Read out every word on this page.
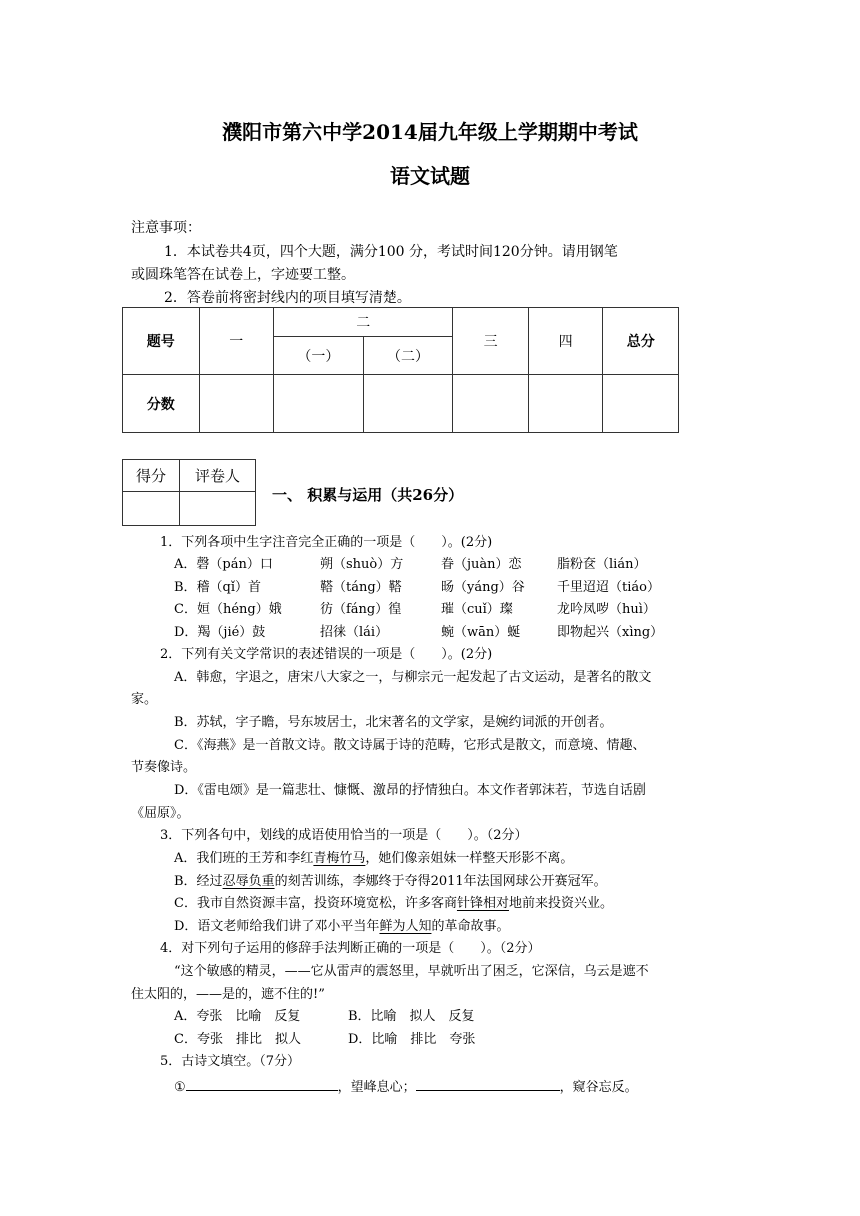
濮阳市第六中学2014届九年级上学期期中考试
语文试题
注意事项：
1．本试卷共4页，四个大题，满分100 分，考试时间120分钟。请用钢笔
或圆珠笔答在试卷上，字迹要工整。
2．答卷前将密封线内的项目填写清楚。
题号	一	二		三	四	总分
		（一）	（二）			
分数						
得分	评卷人

一、 积累与运用（共26分）
1．下列各项中生字注音完全正确的一项是（　　）。(2分)
A．磬（pán）口	朔（shuò）方	眷（juàn）恋	脂粉奁（lián）
B．稽（qǐ）首	鞳（táng）鞳	旸（yáng）谷 千里迢迢（tiáo）
C．姮（héng）娥	彷（fáng）徨	璀（cuǐ）璨	龙吟凤哕（huì）
D．羯（jié）鼓	招徕（lái）	蜿（wān）蜒	即物起兴（xìng）
2．下列有关文学常识的表述错误的一项是（　　）。(2分)
A．韩愈，字退之，唐宋八大家之一，与柳宗元一起发起了古文运动，是著名的散文
家。
B．苏轼，字子瞻，号东坡居士，北宋著名的文学家，是婉约词派的开创者。
C．《海燕》是一首散文诗。散文诗属于诗的范畴，它形式是散文，而意境、情趣、
节奏像诗。
D．《雷电颂》是一篇悲壮、慷慨、激昂的抒情独白。本文作者郭沫若，节选自话剧
《屈原》。
3．下列各句中，划线的成语使用恰当的一项是（　　）。（2分）
A．我们班的王芳和李红青梅竹马，她们像亲姐妹一样整天形影不离。
B．经过忍辱负重的刻苦训练，李娜终于夺得2011年法国网球公开赛冠军。
C．我市自然资源丰富，投资环境宽松，许多客商针锋相对地前来投资兴业。
D．语文老师给我们讲了邓小平当年鲜为人知的革命故事。
4．对下列句子运用的修辞手法判断正确的一项是（　　）。（2分）
“这个敏感的精灵，——它从雷声的震怒里，早就听出了困乏，它深信，乌云是遮不
住太阳的，——是的，遮不住的!”
A．夸张　比喻　反复	B．比喻　拟人　反复
C．夸张　排比　拟人	D．比喻　排比　夸张
5．古诗文填空。（7分）
①	，望峰息心；	，窥谷忘反。
